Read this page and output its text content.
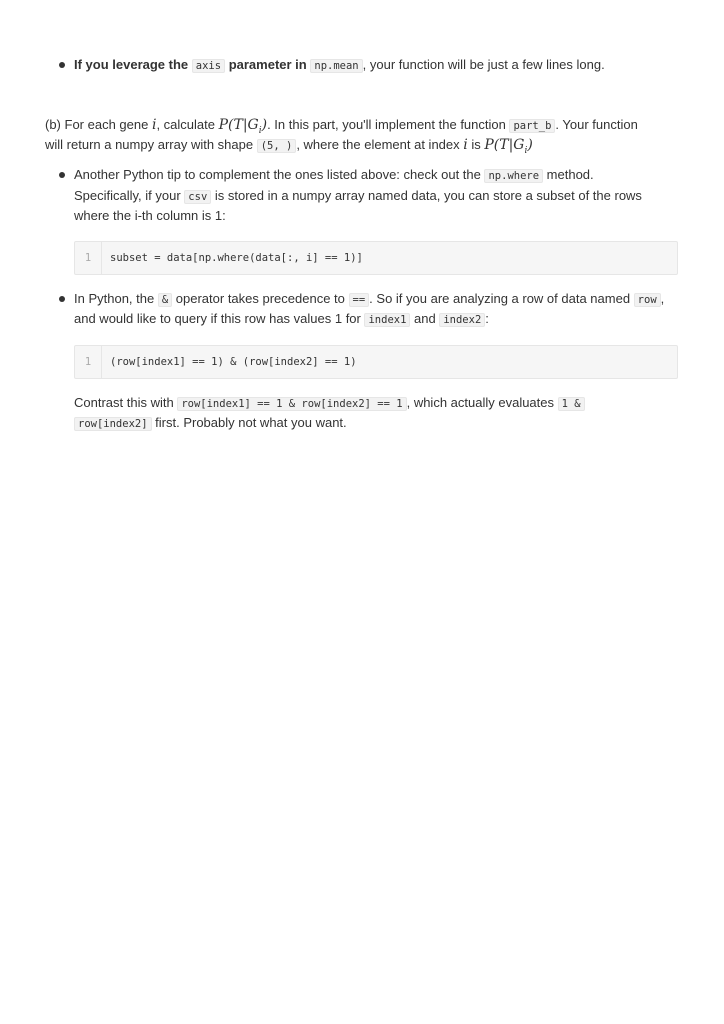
If you leverage the axis parameter in np.mean , your function will be just a few lines long.
(b) For each gene i, calculate $P(T|G_i)$. In this part, you'll implement the function part_b . Your function
will return a numpy array with shape (5, ) , where the element at index i is $P(T|G_i)$
Another Python tip to complement the ones listed above: check out the np.where method.
Specifically, if your csv is stored in a numpy array named data, you can store a subset of the rows
where the i-th column is 1:
1	subset = data[np.where(data[:, i] == 1)]
In Python, the & operator takes precedence to == . So if you are analyzing a row of data named row ,
and would like to query if this row has values 1 for index1 and index2 :
1	(row[index1] == 1) & (row[index2] == 1)
Contrast this with row[index1] == 1 & row[index2] == 1 , which actually evaluates 1 &
row[index2] first. Probably not what you want.
